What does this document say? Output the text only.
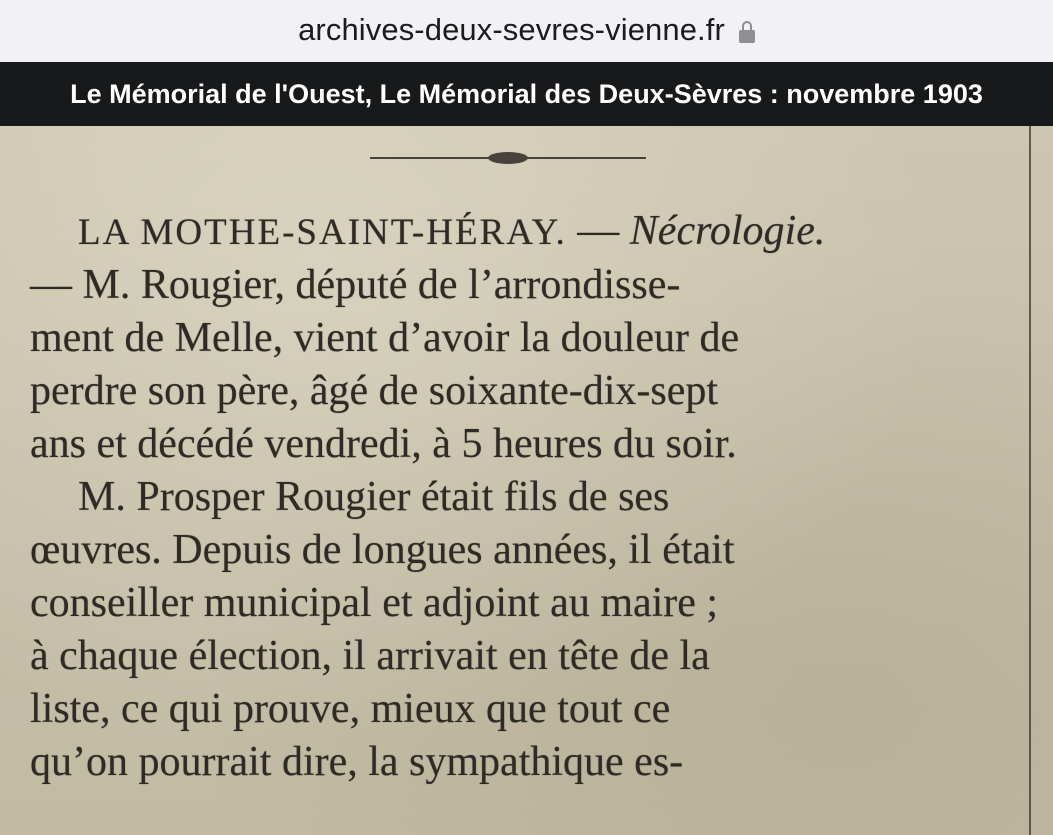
archives-deux-sevres-vienne.fr
Le Mémorial de l'Ouest, Le Mémorial des Deux-Sèvres : novembre 1903
LA MOTHE-SAINT-HÉRAY. — Nécrologie.
— M. Rougier, député de l’arrondisse-
ment de Melle, vient d’avoir la douleur de
perdre son père, âgé de soixante-dix-sept
ans et décédé vendredi, à 5 heures du soir.
M. Prosper Rougier était fils de ses
œuvres. Depuis de longues années, il était
conseiller municipal et adjoint au maire ;
à chaque élection, il arrivait en tête de la
liste, ce qui prouve, mieux que tout ce
qu’on pourrait dire, la sympathique es-
